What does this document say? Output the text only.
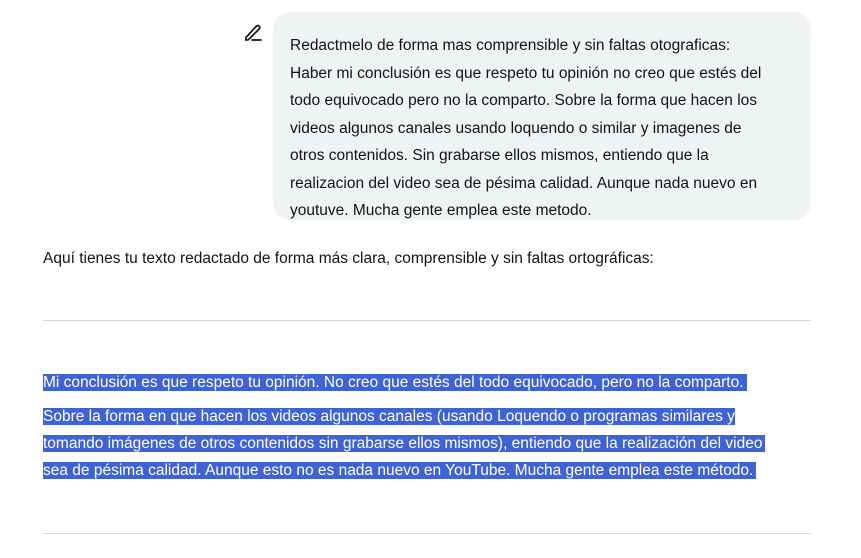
Redactmelo de forma mas comprensible y sin faltas otograficas:
Haber mi conclusión es que respeto tu opinión no creo que estés del
todo equivocado pero no la comparto. Sobre la forma que hacen los
videos algunos canales usando loquendo o similar y imagenes de
otros contenidos. Sin grabarse ellos mismos, entiendo que la
realizacion del video sea de pésima calidad. Aunque nada nuevo en
youtuve. Mucha gente emplea este metodo.
Aquí tienes tu texto redactado de forma más clara, comprensible y sin faltas ortográficas:
Mi conclusión es que respeto tu opinión. No creo que estés del todo equivocado, pero no la comparto.
Sobre la forma en que hacen los videos algunos canales (usando Loquendo o programas similares y
tomando imágenes de otros contenidos sin grabarse ellos mismos), entiendo que la realización del video
sea de pésima calidad. Aunque esto no es nada nuevo en YouTube. Mucha gente emplea este método.
